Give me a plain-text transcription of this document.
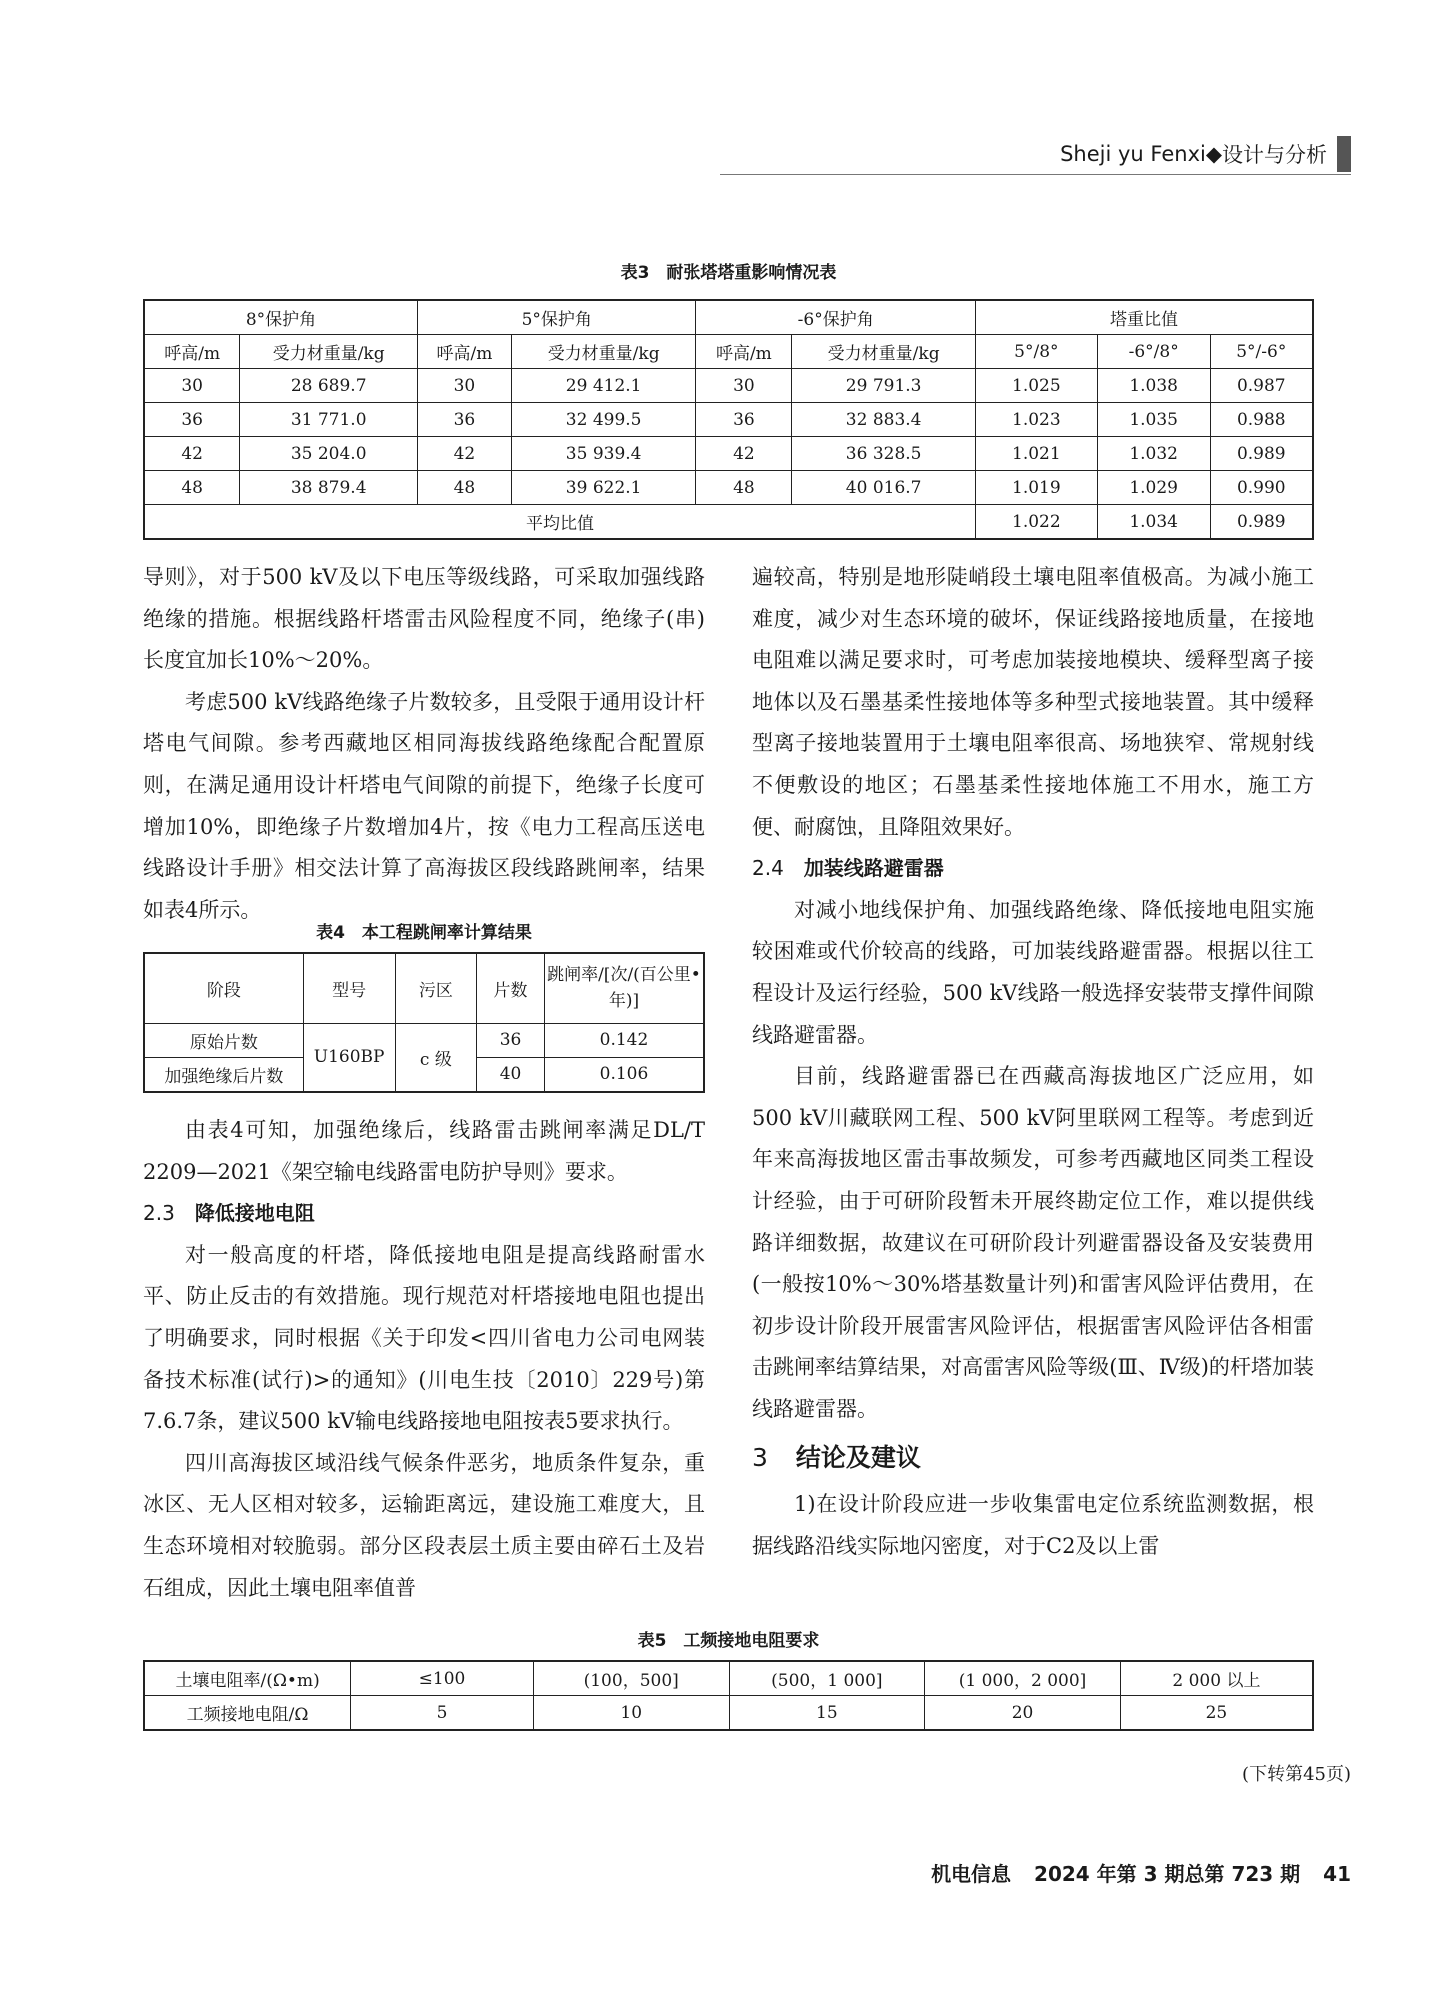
Sheji yu Fenxi ◆ 设计与分析
表3　耐张塔塔重影响情况表
8°保护角		5°保护角		-6°保护角		塔重比值		
呼高/m	受力材重量/kg	呼高/m	受力材重量/kg	呼高/m	受力材重量/kg	5°/8°	-6°/8°	5°/-6°
30	28 689.7	30	29 412.1	30	29 791.3	1.025	1.038	0.987
36	31 771.0	36	32 499.5	36	32 883.4	1.023	1.035	0.988
42	35 204.0	42	35 939.4	42	36 328.5	1.021	1.032	0.989
48	38 879.4	48	39 622.1	48	40 016.7	1.019	1.029	0.990
平均比值						1.022	1.034	0.989

导则》，对于500 kV及以下电压等级线路，可采取加强线路绝缘的措施。根据线路杆塔雷击风险程度不同，绝缘子(串)长度宜加长10%～20%。

考虑500 kV线路绝缘子片数较多，且受限于通用设计杆塔电气间隙。参考西藏地区相同海拔线路绝缘配合配置原则，在满足通用设计杆塔电气间隙的前提下，绝缘子长度可增加10%，即绝缘子片数增加4片，按《电力工程高压送电线路设计手册》相交法计算了高海拔区段线路跳闸率，结果如表4所示。

表4　本工程跳闸率计算结果
阶段	型号	污区	片数	跳闸率/[次/(百公里•年)]
原始片数	U160BP	c 级	36	0.142
加强绝缘后片数			40	0.106

由表4可知，加强绝缘后，线路雷击跳闸率满足DL/T 2209—2021《架空输电线路雷电防护导则》要求。

2.3 降低接地电阻

对一般高度的杆塔，降低接地电阻是提高线路耐雷水平、防止反击的有效措施。现行规范对杆塔接地电阻也提出了明确要求，同时根据《关于印发<四川省电力公司电网装备技术标准(试行)>的通知》(川电生技〔2010〕229号)第7.6.7条，建议500 kV输电线路接地电阻按表5要求执行。

四川高海拔区域沿线气候条件恶劣，地质条件复杂，重冰区、无人区相对较多，运输距离远，建设施工难度大，且生态环境相对较脆弱。部分区段表层土质主要由碎石土及岩石组成，因此土壤电阻率值普

遍较高，特别是地形陡峭段土壤电阻率值极高。为减小施工难度，减少对生态环境的破坏，保证线路接地质量，在接地电阻难以满足要求时，可考虑加装接地模块、缓释型离子接地体以及石墨基柔性接地体等多种型式接地装置。其中缓释型离子接地装置用于土壤电阻率很高、场地狭窄、常规射线不便敷设的地区；石墨基柔性接地体施工不用水，施工方便、耐腐蚀，且降阻效果好。

2.4 加装线路避雷器

对减小地线保护角、加强线路绝缘、降低接地电阻实施较困难或代价较高的线路，可加装线路避雷器。根据以往工程设计及运行经验，500 kV线路一般选择安装带支撑件间隙线路避雷器。

目前，线路避雷器已在西藏高海拔地区广泛应用，如500 kV川藏联网工程、500 kV阿里联网工程等。考虑到近年来高海拔地区雷击事故频发，可参考西藏地区同类工程设计经验，由于可研阶段暂未开展终勘定位工作，难以提供线路详细数据，故建议在可研阶段计列避雷器设备及安装费用(一般按10%～30%塔基数量计列)和雷害风险评估费用，在初步设计阶段开展雷害风险评估，根据雷害风险评估各相雷击跳闸率结算结果，对高雷害风险等级(Ⅲ、Ⅳ级)的杆塔加装线路避雷器。

3 结论及建议

1)在设计阶段应进一步收集雷电定位系统监测数据，根据线路沿线实际地闪密度，对于C2及以上雷

表5　工频接地电阻要求
土壤电阻率/(Ω•m)	≤100	(100，500]	(500，1 000]	(1 000，2 000]	2 000 以上
工频接地电阻/Ω	5	10	15	20	25
(下转第45页)
机电信息 2024 年第 3 期总第 723 期 41
